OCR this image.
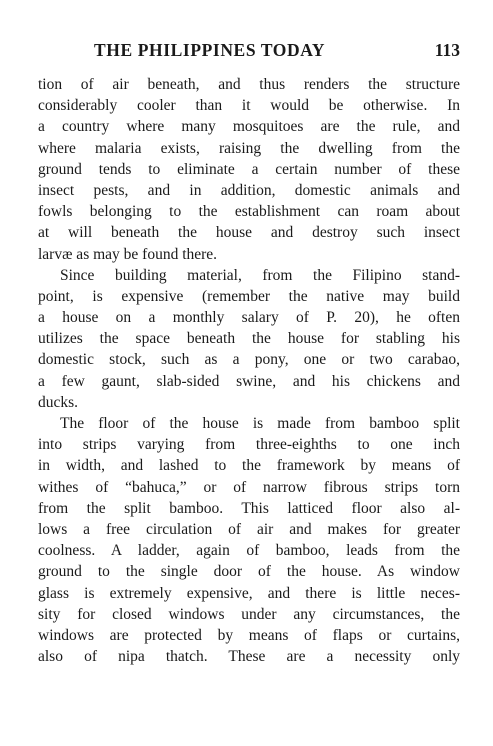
THE PHILIPPINES TODAY	113
tion of air beneath, and thus renders the structure
considerably cooler than it would be otherwise. In
a country where many mosquitoes are the rule, and
where malaria exists, raising the dwelling from the
ground tends to eliminate a certain number of these
insect pests, and in addition, domestic animals and
fowls belonging to the establishment can roam about
at will beneath the house and destroy such insect
larvæ as may be found there.
Since building material, from the Filipino stand-
point, is expensive (remember the native may build
a house on a monthly salary of P. 20), he often
utilizes the space beneath the house for stabling his
domestic stock, such as a pony, one or two carabao,
a few gaunt, slab-sided swine, and his chickens and
ducks.
The floor of the house is made from bamboo split
into strips varying from three-eighths to one inch
in width, and lashed to the framework by means of
withes of “bahuca,” or of narrow fibrous strips torn
from the split bamboo. This latticed floor also al-
lows a free circulation of air and makes for greater
coolness. A ladder, again of bamboo, leads from the
ground to the single door of the house. As window
glass is extremely expensive, and there is little neces-
sity for closed windows under any circumstances, the
windows are protected by means of flaps or curtains,
also of nipa thatch. These are a necessity only
